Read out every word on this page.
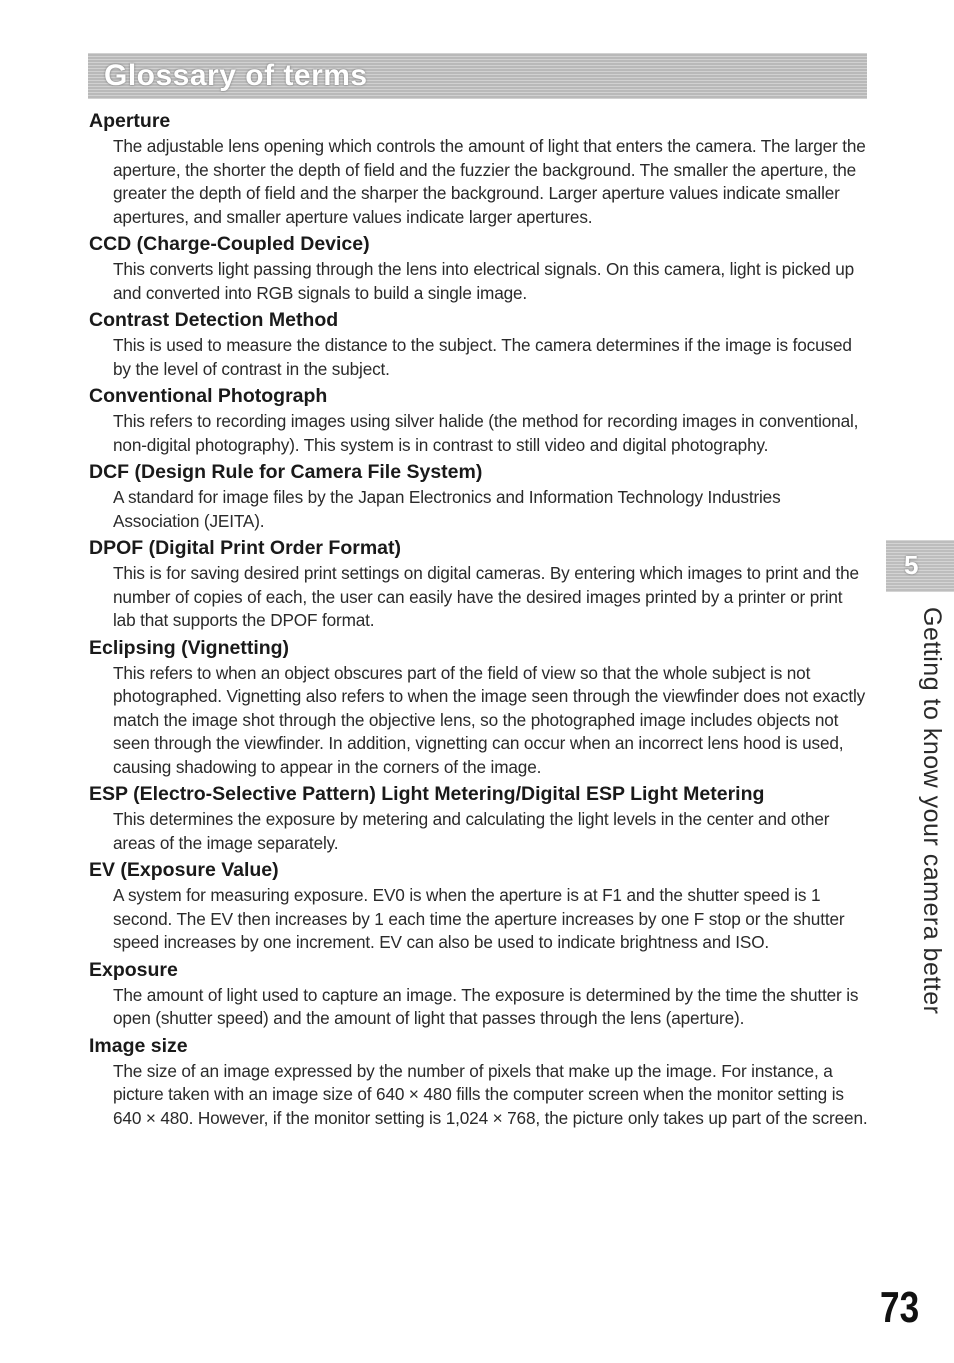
Glossary of terms
Aperture
The adjustable lens opening which controls the amount of light that enters the camera. The larger the aperture, the shorter the depth of field and the fuzzier the background. The smaller the aperture, the greater the depth of field and the sharper the background. Larger aperture values indicate smaller apertures, and smaller aperture values indicate larger apertures.
CCD (Charge-Coupled Device)
This converts light passing through the lens into electrical signals. On this camera, light is picked up and converted into RGB signals to build a single image.
Contrast Detection Method
This is used to measure the distance to the subject. The camera determines if the image is focused by the level of contrast in the subject.
Conventional Photograph
This refers to recording images using silver halide (the method for recording images in conventional, non-digital photography). This system is in contrast to still video and digital photography.
DCF (Design Rule for Camera File System)
A standard for image files by the Japan Electronics and Information Technology Industries Association (JEITA).
DPOF (Digital Print Order Format)
This is for saving desired print settings on digital cameras. By entering which images to print and the number of copies of each, the user can easily have the desired images printed by a printer or print lab that supports the DPOF format.
Eclipsing (Vignetting)
This refers to when an object obscures part of the field of view so that the whole subject is not photographed. Vignetting also refers to when the image seen through the viewfinder does not exactly match the image shot through the objective lens, so the photographed image includes objects not seen through the viewfinder. In addition, vignetting can occur when an incorrect lens hood is used, causing shadowing to appear in the corners of the image.
ESP (Electro-Selective Pattern) Light Metering/Digital ESP Light Metering
This determines the exposure by metering and calculating the light levels in the center and other areas of the image separately.
EV (Exposure Value)
A system for measuring exposure. EV0 is when the aperture is at F1 and the shutter speed is 1 second. The EV then increases by 1 each time the aperture increases by one F stop or the shutter speed increases by one increment. EV can also be used to indicate brightness and ISO.
Exposure
The amount of light used to capture an image. The exposure is determined by the time the shutter is open (shutter speed) and the amount of light that passes through the lens (aperture).
Image size
The size of an image expressed by the number of pixels that make up the image. For instance, a picture taken with an image size of 640 × 480 fills the computer screen when the monitor setting is 640 × 480. However, if the monitor setting is 1,024 × 768, the picture only takes up part of the screen.
5
Getting to know your camera better
73
